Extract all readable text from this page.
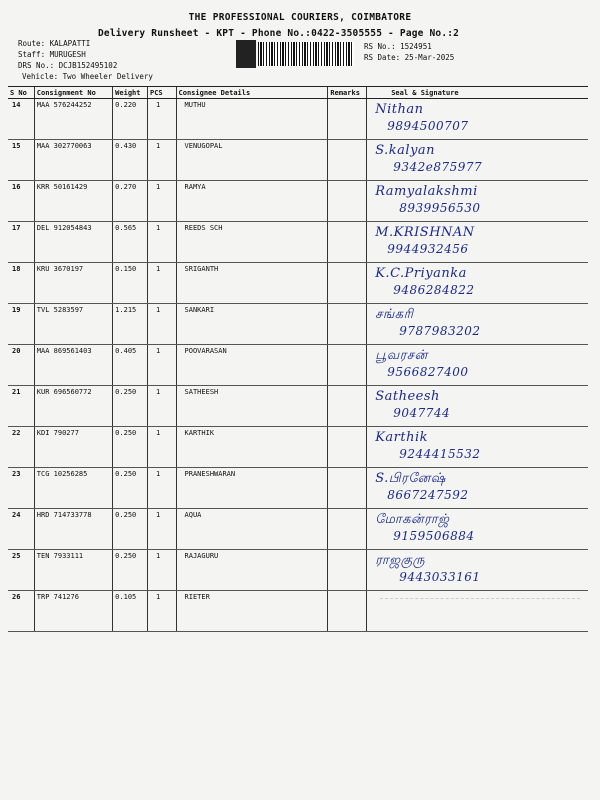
THE PROFESSIONAL COURIERS, COIMBATORE
Delivery Runsheet - KPT - Phone No.:0422-3505555 - Page No.:2
Route: KALAPATTI
Staff: MURUGESH
DRS No.: DCJB152495102
Vehicle: Two Wheeler Delivery
RS No.: 1524951
RS Date: 25-Mar-2025
S No	Consignment No	Weight	PCS	Consignee Details	Remarks	Seal & Signature
14	MAA 576244252	0.220	1	MUTHU		Nithan
9894500707

15	MAA 302770063	0.430	1	VENUGOPAL		S.kalyan
9342e875977

16	KRR 50161429	0.270	1	RAMYA		Ramyalakshmi
8939956530

17	DEL 912054843	0.565	1	REEDS SCH		M.KRISHNAN
9944932456

18	KRU 3670197	0.150	1	SRIGANTH		K.C.Priyanka
9486284822

19	TVL 5283597	1.215	1	SANKARI		சங்கரி
9787983202

20	MAA 869561403	0.405	1	POOVARASAN		பூவரசன்
9566827400

21	KUR 696560772	0.250	1	SATHEESH		Satheesh
9047744

22	KDI 790277	0.250	1	KARTHIK		Karthik
9244415532

23	TCG 10256285	0.250	1	PRANESHWARAN		S.பிரனேஷ்
8667247592

24	HRD 714733778	0.250	1	AQUA		மோகன்ராஜ்
9159506884

25	TEN 7933111	0.250	1	RAJAGURU		ராஜகுரு
9443033161

26	TRP 741276	0.105	1	RIETER		
